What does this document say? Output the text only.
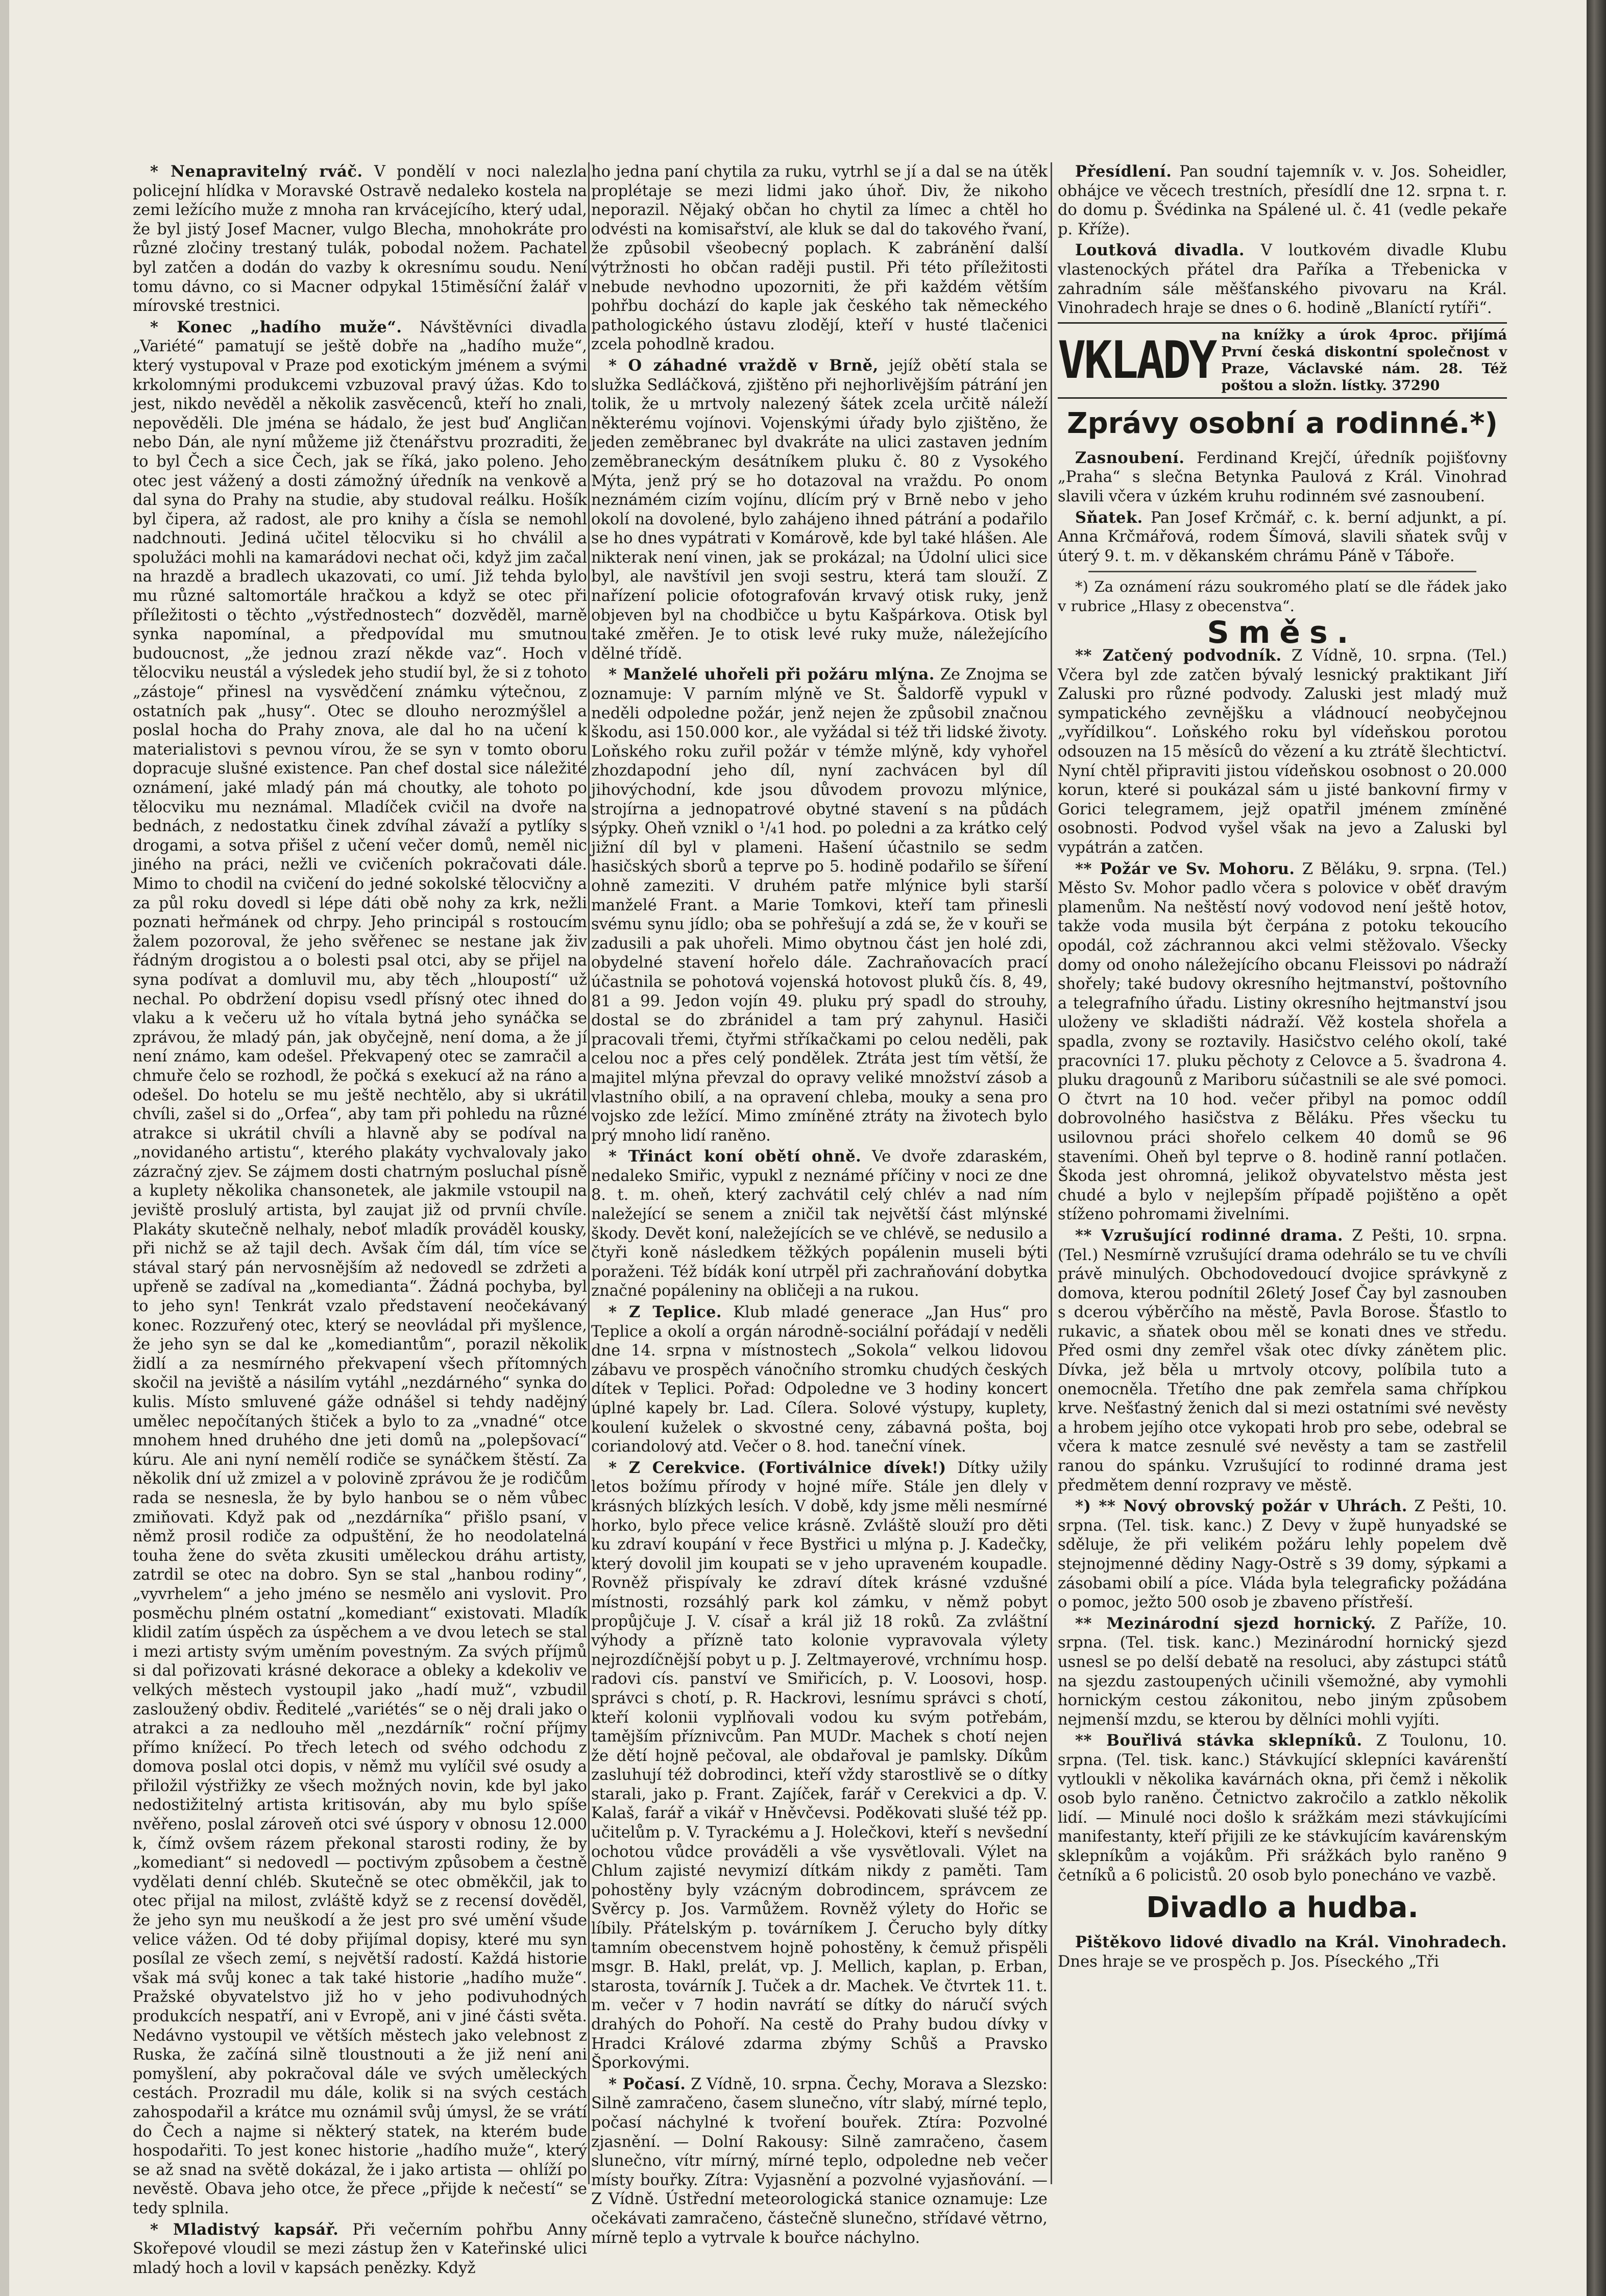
* Nenapravitelný rváč. V pondělí v noci nalezla policejní hlídka v Moravské Ostravě nedaleko kostela na zemi ležícího muže z mnoha ran krvácejícího, který udal, že byl jistý Josef Macner, vulgo Blecha, mnohokráte pro různé zločiny trestaný tulák, pobodal nožem. Pachatel byl zatčen a dodán do vazby k okresnímu soudu. Není tomu dávno, co si Macner odpykal 15timěsíční žalář v mírovské trestnici.

* Konec „hadího muže“. Návštěvníci divadla „Variété“ pamatují se ještě dobře na „hadího muže“, který vystupoval v Praze pod exotickým jménem a svými krkolomnými produkcemi vzbuzoval pravý úžas. Kdo to jest, nikdo nevěděl a několik zasvěcenců, kteří ho znali, nepověděli. Dle jména se hádalo, že jest buď Angličan nebo Dán, ale nyní můžeme již čtenářstvu prozraditi, že to byl Čech a sice Čech, jak se říká, jako poleno. Jeho otec jest vážený a dosti zámožný úředník na venkově a dal syna do Prahy na studie, aby studoval reálku. Hošík byl čipera, až radost, ale pro knihy a čísla se nemohl nadchnouti. Jediná učitel tělocviku si ho chválil a spolužáci mohli na kamarádovi nechat oči, když jim začal na hrazdě a bradlech ukazovati, co umí. Již tehda bylo mu různé saltomortále hračkou a když se otec při příležitosti o těchto „výstřednostech“ dozvěděl, marně synka napomínal, a předpovídal mu smutnou budoucnost, „že jednou zrazí někde vaz“. Hoch v tělocviku neustál a výsledek jeho studií byl, že si z tohoto „zástoje“ přinesl na vysvědčení známku výtečnou, z ostatních pak „husy“. Otec se dlouho nerozmýšlel a poslal hocha do Prahy znova, ale dal ho na učení k materialistovi s pevnou vírou, že se syn v tomto oboru dopracuje slušné existence. Pan chef dostal sice náležité oznámení, jaké mladý pán má choutky, ale tohoto po tělocviku mu neznámal. Mladíček cvičil na dvoře na bednách, z nedostatku činek zdvíhal závaží a pytlíky s drogami, a sotva přišel z učení večer domů, neměl nic jiného na práci, nežli ve cvičeních pokračovati dále. Mimo to chodil na cvičení do jedné sokolské tělocvičny a za půl roku dovedl si lépe dáti obě nohy za krk, nežli poznati heřmánek od chrpy. Jeho principál s rostoucím žalem pozoroval, že jeho svěřenec se nestane jak živ řádným drogistou a o bolesti psal otci, aby se přijel na syna podívat a domluvil mu, aby těch „hloupostí“ už nechal. Po obdržení dopisu vsedl přísný otec ihned do vlaku a k večeru už ho vítala bytná jeho synáčka se zprávou, že mladý pán, jak obyčejně, není doma, a že jí není známo, kam odešel. Překvapený otec se zamračil a chmuře čelo se rozhodl, že počká s exekucí až na ráno a odešel. Do hotelu se mu ještě nechtělo, aby si ukrátil chvíli, zašel si do „Orfea“, aby tam při pohledu na různé atrakce si ukrátil chvíli a hlavně aby se podíval na „novidaného artistu“, kterého plakáty vychvalovaly jako zázračný zjev. Se zájmem dosti chatrným posluchal písně a kuplety několika chansonetek, ale jakmile vstoupil na jeviště proslulý artista, byl zaujat již od prvníi chvíle. Plakáty skutečně nelhaly, neboť mladík prováděl kousky, při nichž se až tajil dech. Avšak čím dál, tím více se stával starý pán nervosnějším až nedovedl se zdržeti a upřeně se zadíval na „komedianta“. Žádná pochyba, byl to jeho syn! Tenkrát vzalo představení neočekávaný konec. Rozzuřený otec, který se neovládal při myšlence, že jeho syn se dal ke „komediantům“, porazil několik židlí a za nesmírného překvapení všech přítomných skočil na jeviště a násilím vytáhl „nezdárného“ synka do kulis. Místo smluvené gáže odnášel si tehdy nadějný umělec nepočítaných štiček a bylo to za „vnadné“ otce mnohem hned druhého dne jeti domů na „polepšovací“ kúru. Ale ani nyní nemělí rodiče se synáčkem štěstí. Za několik dní už zmizel a v polovině zprávou že je rodičům rada se nesnesla, že by bylo hanbou se o něm vůbec zmiňovati. Když pak od „nezdárníka“ přišlo psaní, v němž prosil rodiče za odpuštění, že ho neodolatelná touha žene do světa zkusiti uměleckou dráhu artisty, zatrdil se otec na dobro. Syn se stal „hanbou rodiny“, „vyvrhelem“ a jeho jméno se nesmělo ani vyslovit. Pro posměchu plném ostatní „komediant“ existovati. Mladík klidil zatím úspěch za úspěchem a ve dvou letech se stal i mezi artisty svým uměním povestným. Za svých příjmů si dal pořizovati krásné dekorace a obleky a kdekoliv ve velkých městech vystoupil jako „hadí muž“, vzbudil zasloužený obdiv. Ředitelé „variétés“ se o něj drali jako o atrakci a za nedlouho měl „nezdárník“ roční příjmy přímo knížecí. Po třech letech od svého odchodu z domova poslal otci dopis, v němž mu vylíčil své osudy a přiložil výstřižky ze všech možných novin, kde byl jako nedostižitelný artista kritisován, aby mu bylo spíše nvěřeno, poslal zároveň otci své úspory v obnosu 12.000 k, čímž ovšem rázem překonal starosti rodiny, že by „komediant“ si nedovedl — poctivým způsobem a čestně vydělati denní chléb. Skutečně se otec obměkčil, jak to otec přijal na milost, zvláště když se z recensí dověděl, že jeho syn mu neuškodí a že jest pro své umění všude velice vážen. Od té doby přijímal dopisy, které mu syn posílal ze všech zemí, s největší radostí. Každá historie však má svůj konec a tak také historie „hadího muže“. Pražské obyvatelstvo již ho v jeho podivuhodných produkcích nespatří, ani v Evropě, ani v jiné části světa. Nedávno vystoupil ve větších městech jako velebnost z Ruska, že začíná silně tloustnouti a že již není ani pomyšlení, aby pokračoval dále ve svých uměleckých cestách. Prozradil mu dále, kolik si na svých cestách zahospodařil a krátce mu oznámil svůj úmysl, že se vrátí do Čech a najme si některý statek, na kterém bude hospodařiti. To jest konec historie „hadího muže“, který se až snad na světě dokázal, že i jako artista — ohlíží po nevěstě. Obava jeho otce, že přece „přijde k nečestí“ se tedy splnila.

* Mladistvý kapsář. Při večerním pohřbu Anny Skořepové vloudil se mezi zástup žen v Kateřinské ulici mladý hoch a lovil v kapsách penězky. Když

ho jedna paní chytila za ruku, vytrhl se jí a dal se na útěk proplétaje se mezi lidmi jako úhoř. Div, že nikoho neporazil. Nějaký občan ho chytil za límec a chtěl ho odvésti na komisařství, ale kluk se dal do takového řvaní, že způsobil všeobecný poplach. K zabránění další výtržnosti ho občan raději pustil. Při této příležitosti nebude nevhodno upozorniti, že při každém větším pohřbu dochází do kaple jak českého tak německého pathologického ústavu zlodějí, kteří v husté tlačenici zcela pohodlně kradou.

* O záhadné vraždě v Brně, jejíž obětí stala se služka Sedláčková, zjištěno při nejhorlivějším pátrání jen tolik, že u mrtvoly nalezený šátek zcela určitě náleží některému vojínovi. Vojenskými úřady bylo zjištěno, že jeden zeměbranec byl dvakráte na ulici zastaven jedním zeměbraneckým desátníkem pluku č. 80 z Vysokého Mýta, jenž prý se ho dotazoval na vraždu. Po onom neznámém cizím vojínu, dlícím prý v Brně nebo v jeho okolí na dovolené, bylo zahájeno ihned pátrání a podařilo se ho dnes vypátrati v Komárově, kde byl také hlášen. Ale nikterak není vinen, jak se prokázal; na Údolní ulici sice byl, ale navštívil jen svoji sestru, která tam slouží. Z nařízení policie ofotografován krvavý otisk ruky, jenž objeven byl na chodbičce u bytu Kašpárkova. Otisk byl také změřen. Je to otisk levé ruky muže, náležejícího dělné třídě.

* Manželé uhořeli při požáru mlýna. Ze Znojma se oznamuje: V parním mlýně ve St. Šaldorfě vypukl v neděli odpoledne požár, jenž nejen že způsobil značnou škodu, asi 150.000 kor., ale vyžádal si též tři lidské životy. Loňského roku zuřil požár v témže mlýně, kdy vyhořel zhozdapodní jeho díl, nyní zachvácen byl díl jihovýchodní, kde jsou důvodem provozu mlýnice, strojírna a jednopatrové obytné stavení s na půdách sýpky. Oheň vznikl o ¹/₄1 hod. po poledni a za krátko celý jižní díl byl v plameni. Hašení účastnilo se sedm hasičských sborů a teprve po 5. hodině podařilo se šíření ohně zameziti. V druhém patře mlýnice byli starší manželé Frant. a Marie Tomkovi, kteří tam přinesli svému synu jídlo; oba se pohřešují a zdá se, že v kouři se zadusili a pak uhořeli. Mimo obytnou část jen holé zdi, obydelné stavení hořelo dále. Zachraňovacích prací účastnila se pohotová vojenská hotovost pluků čís. 8, 49, 81 a 99. Jedon vojín 49. pluku prý spadl do strouhy, dostal se do zbránidel a tam prý zahynul. Hasiči pracovali třemi, čtyřmi stříkačkami po celou neděli, pak celou noc a přes celý pondělek. Ztráta jest tím větší, že majitel mlýna převzal do opravy veliké množství zásob a vlastního obilí, a na opravení chleba, mouky a sena pro vojsko zde ležící. Mimo zmíněné ztráty na životech bylo prý mnoho lidí raněno.

* Třináct koní obětí ohně. Ve dvoře zdaraském, nedaleko Smiřic, vypukl z neznámé příčiny v noci ze dne 8. t. m. oheň, který zachvátil celý chlév a nad ním naležející se senem a zničil tak největší část mlýnské škody. Devět koní, naležejících se ve chlévě, se nedusilo a čtyři koně následkem těžkých popálenin museli býti poraženi. Též bídák koní utrpěl při zachraňování dobytka značné popáleniny na obličeji a na rukou.

* Z Teplice. Klub mladé generace „Jan Hus“ pro Teplice a okolí a orgán národně-sociální pořádají v neděli dne 14. srpna v místnostech „Sokola“ velkou lidovou zábavu ve prospěch vánočního stromku chudých českých dítek v Teplici. Pořad: Odpoledne ve 3 hodiny koncert úplné kapely br. Lad. Cílera. Solové výstupy, kuplety, koulení kuželek o skvostné ceny, zábavná pošta, boj coriandolový atd. Večer o 8. hod. taneční vínek.

* Z Cerekvice. (Fortiválnice dívek!) Dítky užily letos božímu přírody v hojné míře. Stále jen dlely v krásných blízkých lesích. V době, kdy jsme měli nesmírné horko, bylo přece velice krásně. Zvláště slouží pro děti ku zdraví koupání v řece Bystřici u mlýna p. J. Kadečky, který dovolil jim koupati se v jeho upraveném koupadle. Rovněž přispívaly ke zdraví dítek krásné vzdušné místnosti, rozsáhlý park kol zámku, v němž pobyt propůjčuje J. V. císař a král již 18 roků. Za zvláštní výhody a přízně tato kolonie vypravovala výlety nejrozdíčnější pobyt u p. J. Zeltmayerové, vrchnímu hosp. radovi cís. panství ve Smiřicích, p. V. Loosovi, hosp. správci s chotí, p. R. Hackrovi, lesnímu správci s chotí, kteří kolonii vyplňovali vodou ku svým potřebám, tamějším příznivcům. Pan MUDr. Machek s chotí nejen že dětí hojně pečoval, ale obdařoval je pamlsky. Díkům zasluhují též dobrodinci, kteří vždy starostlivě se o dítky starali, jako p. Frant. Zajíček, farář v Cerekvici a dp. V. Kalaš, farář a vikář v Hněvčevsi. Poděkovati slušé též pp. učitelům p. V. Tyrackému a J. Holečkovi, kteří s nevšední ochotou vůdce prováděli a vše vysvětlovali. Výlet na Chlum zajisté nevymizí dítkám nikdy z paměti. Tam pohostěny byly vzácným dobrodincem, správcem ze Svěrcy p. Jos. Varmůžem. Rovněž výlety do Hořic se líbily. Přátelským p. továrníkem J. Čerucho byly dítky tamním obecenstvem hojně pohostěny, k čemuž přispěli msgr. B. Hakl, prelát, vp. J. Mellich, kaplan, p. Erban, starosta, továrník J. Tuček a dr. Machek. Ve čtvrtek 11. t. m. večer v 7 hodin navrátí se dítky do náručí svých drahých do Pohoří. Na cestě do Prahy budou dívky v Hradci Králové zdarma zbýmy Schůš a Pravsko Šporkovými.

* Počasí. Z Vídně, 10. srpna. Čechy, Morava a Slezsko: Silně zamračeno, časem slunečno, vítr slabý, mírné teplo, počasí náchylné k tvoření bouřek. Ztíra: Pozvolné zjasnění. — Dolní Rakousy: Silně zamračeno, časem slunečno, vítr mírný, mírné teplo, odpoledne neb večer místy bouřky. Zítra: Vyjasnění a pozvolné vyjasňování. — Z Vídně. Ústřední meteorologická stanice oznamuje: Lze očekávati zamračeno, částečně slunečno, střídavé větrno, mírně teplo a vytrvale k bouřce náchylno.

Přesídlení. Pan soudní tajemník v. v. Jos. Soheidler, obhájce ve věcech trestních, přesídlí dne 12. srpna t. r. do domu p. Švédinka na Spálené ul. č. 41 (vedle pekaře p. Kříže).

Loutková divadla. V loutkovém divadle Klubu vlastenockých přátel dra Paříka a Třebenicka v zahradním sále měšťanského pivovaru na Král. Vinohradech hraje se dnes o 6. hodině „Blaníctí rytíři“.

VKLADY na knížky a úrok 4proc. přijímá První česká diskontní společnost v Praze, Václavské nám. 28. Též poštou a složn. lístky. 37290
Zprávy osobní a rodinné.*)

Zasnoubení. Ferdinand Krejčí, úředník pojišťovny „Praha“ s slečna Betynka Paulová z Král. Vinohrad slavili včera v úzkém kruhu rodinném své zasnoubení.

Sňatek. Pan Josef Krčmář, c. k. berní adjunkt, a pí. Anna Krčmářová, rodem Šímová, slavili sňatek svůj v úterý 9. t. m. v děkanském chrámu Páně v Táboře.

*) Za oznámení rázu soukromého platí se dle řádek jako v rubrice „Hlasy z obecenstva“.

Směs.

** Zatčený podvodník. Z Vídně, 10. srpna. (Tel.) Včera byl zde zatčen bývalý lesnický praktikant Jiří Zaluski pro různé podvody. Zaluski jest mladý muž sympatického zevnějšku a vládnoucí neobyčejnou „vyřídilkou“. Loňského roku byl vídeňskou porotou odsouzen na 15 měsíců do vězení a ku ztrátě šlechtictví. Nyní chtěl připraviti jistou vídeňskou osobnost o 20.000 korun, které si poukázal sám u jisté bankovní firmy v Gorici telegramem, jejž opatřil jménem zmíněné osobnosti. Podvod vyšel však na jevo a Zaluski byl vypátrán a zatčen.

** Požár ve Sv. Mohoru. Z Běláku, 9. srpna. (Tel.) Město Sv. Mohor padlo včera s polovice v oběť dravým plamenům. Na neštěstí nový vodovod není ještě hotov, takže voda musila být čerpána z potoku tekoucího opodál, což záchrannou akci velmi stěžovalo. Všecky domy od onoho náležejícího obcanu Fleissovi po nádraží shořely; také budovy okresního hejtmanství, poštovního a telegrafního úřadu. Listiny okresního hejtmanství jsou uloženy ve skladišti nádraží. Věž kostela shořela a spadla, zvony se roztavily. Hasičstvo celého okolí, také pracovníci 17. pluku pěchoty z Celovce a 5. švadrona 4. pluku dragounů z Mariboru súčastnili se ale své pomoci. O čtvrt na 10 hod. večer přibyl na pomoc oddíl dobrovolného hasičstva z Běláku. Přes všecku tu usilovnou práci shořelo celkem 40 domů se 96 staveními. Oheň byl teprve o 8. hodině ranní potlačen. Škoda jest ohromná, jelikož obyvatelstvo města jest chudé a bylo v nejlepším případě pojištěno a opět stíženo pohromami živelními.

** Vzrušující rodinné drama. Z Pešti, 10. srpna. (Tel.) Nesmírně vzrušující drama odehrálo se tu ve chvíli právě minulých. Obchodovedoucí dvojice správkyně z domova, kterou podnítil 26letý Josef Čay byl zasnouben s dcerou výběrčího na městě, Pavla Borose. Šťastlo to rukavic, a sňatek obou měl se konati dnes ve středu. Před osmi dny zemřel však otec dívky zánětem plic. Dívka, jež běla u mrtvoly otcovy, políbila tuto a onemocněla. Třetího dne pak zemřela sama chřípkou krve. Nešťastný ženich dal si mezi ostatními své nevěsty a hrobem jejího otce vykopati hrob pro sebe, odebral se včera k matce zesnulé své nevěsty a tam se zastřelil ranou do spánku. Vzrušující to rodinné drama jest předmětem denní rozpravy ve městě.

*) ** Nový obrovský požár v Uhrách. Z Pešti, 10. srpna. (Tel. tisk. kanc.) Z Devy v župě hunyadské se sděluje, že při velikém požáru lehly popelem dvě stejnojmenné dědiny Nagy-Ostrě s 39 domy, sýpkami a zásobami obilí a píce. Vláda byla telegraficky požádána o pomoc, ježto 500 osob je zbaveno přístřeší.

** Mezinárodní sjezd hornický. Z Paříže, 10. srpna. (Tel. tisk. kanc.) Mezinárodní hornický sjezd usnesl se po delší debatě na resoluci, aby zástupci států na sjezdu zastoupených učinili všemožné, aby vymohli hornickým cestou zákonitou, nebo jiným způsobem nejmenší mzdu, se kterou by dělníci mohli vyjíti.

** Bouřlivá stávka sklepníků. Z Toulonu, 10. srpna. (Tel. tisk. kanc.) Stávkující sklepníci kavárenští vytloukli v několika kavárnách okna, při čemž i několik osob bylo raněno. Četnictvo zakročilo a zatklo několik lidí. — Minulé noci došlo k srážkám mezi stávkujícími manifestanty, kteří přijili ze ke stávkujícím kavárenským sklepníkům a vojákům. Při srážkách bylo raněno 9 četníků a 6 policistů. 20 osob bylo ponecháno ve vazbě.

Divadlo a hudba.

Pištěkovo lidové divadlo na Král. Vinohradech. Dnes hraje se ve prospěch p. Jos. Píseckého „Tři
